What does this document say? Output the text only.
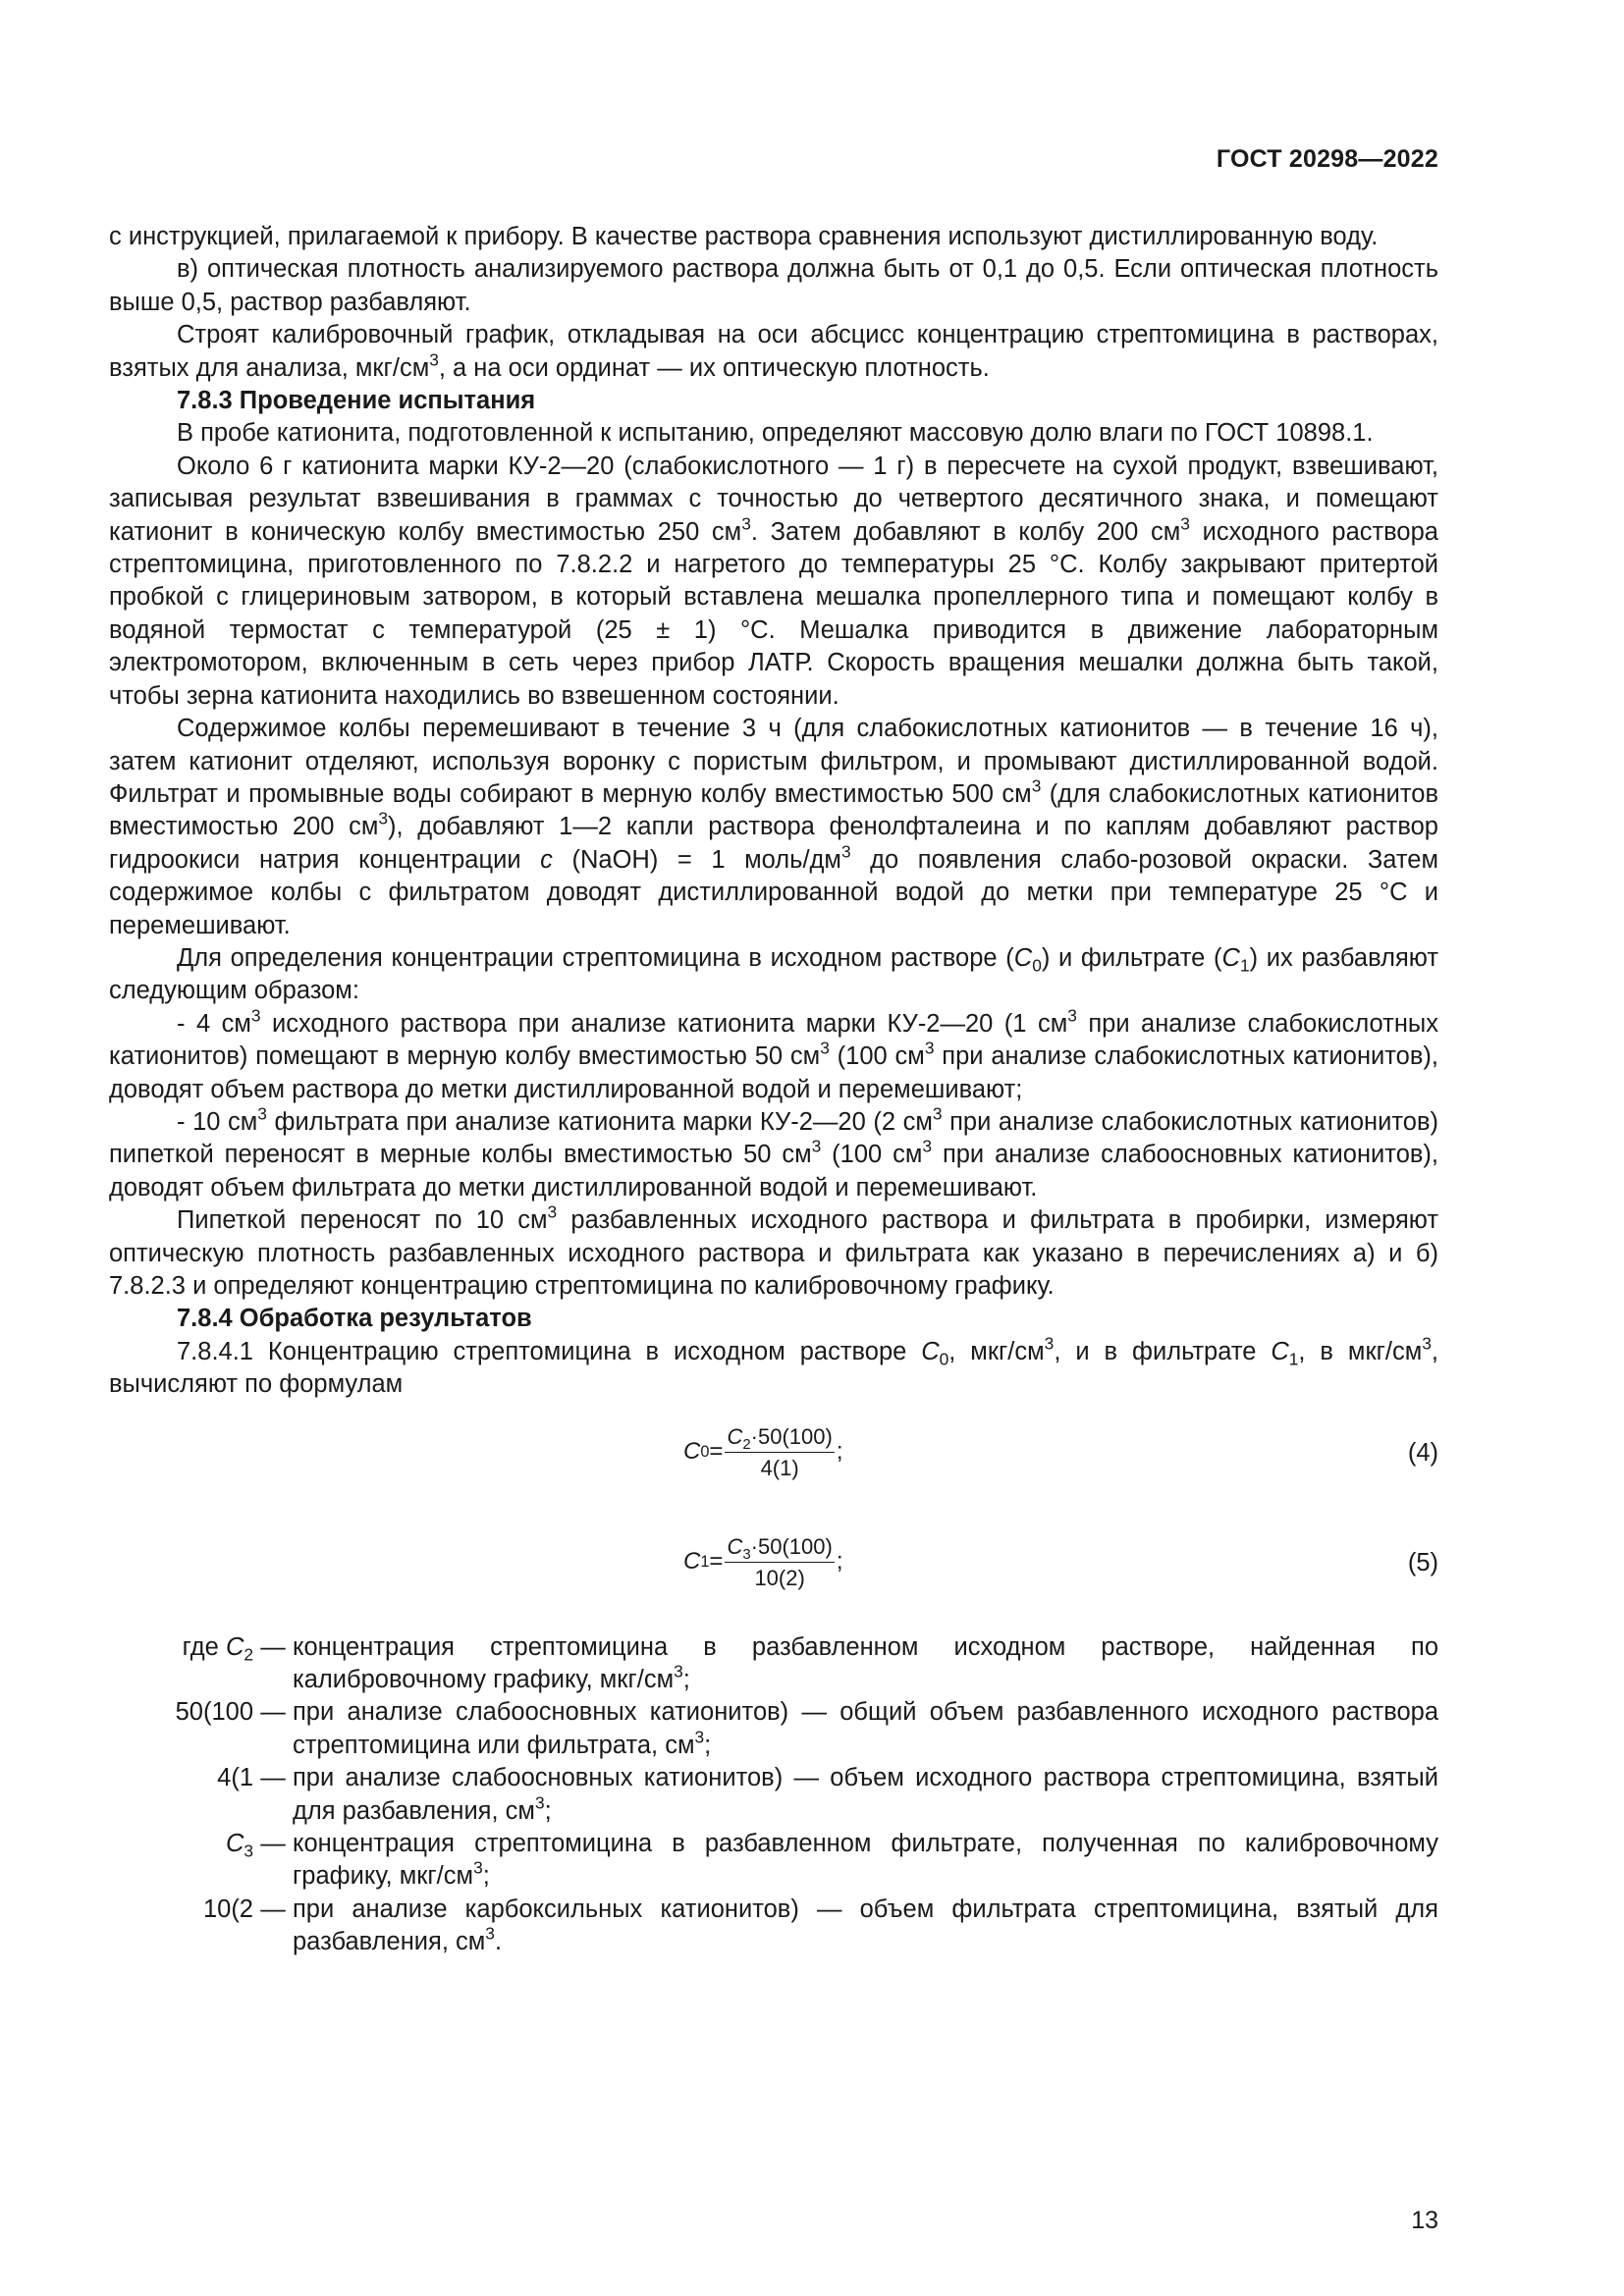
ГОСТ 20298—2022

с инструкцией, прилагаемой к прибору. В качестве раствора сравнения используют дистиллированную воду.

в) оптическая плотность анализируемого раствора должна быть от 0,1 до 0,5. Если оптическая плотность выше 0,5, раствор разбавляют.

Строят калибровочный график, откладывая на оси абсцисс концентрацию стрептомицина в растворах, взятых для анализа, мкг/$см^3$, а на оси ординат — их оптическую плотность.

7.8.3 Проведение испытания

В пробе катионита, подготовленной к испытанию, определяют массовую долю влаги по ГОСТ 10898.1.

Около 6 г катионита марки КУ-2—20 (слабокислотного — 1 г) в пересчете на сухой продукт, взвешивают, записывая результат взвешивания в граммах с точностью до четвертого десятичного знака, и помещают катионит в коническую колбу вместимостью 250 $см^3$. Затем добавляют в колбу 200 $см^3$ исходного раствора стрептомицина, приготовленного по 7.8.2.2 и нагретого до температуры 25 °С. Колбу закрывают притертой пробкой с глицериновым затвором, в который вставлена мешалка пропеллерного типа и помещают колбу в водяной термостат с температурой (25 ± 1) °С. Мешалка приводится в движение лабораторным электромотором, включенным в сеть через прибор ЛАТР. Скорость вращения мешалки должна быть такой, чтобы зерна катионита находились во взвешенном состоянии.

Содержимое колбы перемешивают в течение 3 ч (для слабокислотных катионитов — в течение 16 ч), затем катионит отделяют, используя воронку с пористым фильтром, и промывают дистиллированной водой. Фильтрат и промывные воды собирают в мерную колбу вместимостью 500 $см^3$ (для слабокислотных катионитов вместимостью 200 $см^3$), добавляют 1—2 капли раствора фенолфталеина и по каплям добавляют раствор гидроокиси натрия концентрации c (NaOH) = 1 моль/$дм^3$ до появления слабо-розовой окраски. Затем содержимое колбы с фильтратом доводят дистиллированной водой до метки при температуре 25 °С и перемешивают.

Для определения концентрации стрептомицина в исходном растворе $(C_0)$ и фильтрате $(C_1)$ их разбавляют следующим образом:

- 4 $см^3$ исходного раствора при анализе катионита марки КУ-2—20 (1 $см^3$ при анализе слабокислотных катионитов) помещают в мерную колбу вместимостью 50 $см^3$ (100 $см^3$ при анализе слабокислотных катионитов), доводят объем раствора до метки дистиллированной водой и перемешивают;

- 10 $см^3$ фильтрата при анализе катионита марки КУ-2—20 (2 $см^3$ при анализе слабокислотных катионитов) пипеткой переносят в мерные колбы вместимостью 50 $см^3$ (100 $см^3$ при анализе слабоосновных катионитов), доводят объем фильтрата до метки дистиллированной водой и перемешивают.

Пипеткой переносят по 10 $см^3$ разбавленных исходного раствора и фильтрата в пробирки, измеряют оптическую плотность разбавленных исходного раствора и фильтрата как указано в перечислениях а) и б) 7.8.2.3 и определяют концентрацию стрептомицина по калибровочному графику.

7.8.4 Обработка результатов

7.8.4.1 Концентрацию стрептомицина в исходном растворе $C_0$, мкг/$см^3$, и в фильтрате $C_1$, в мкг/$см^3$, вычисляют по формулам

C $0 = \frac{C_2\cdot 50(100)}{4(1)}$ ;	(4)
C $1 = \frac{C_3\cdot 50(100)}{10(2)}$ ;	(5)
где $C_2$ — концентрация стрептомицина в разбавленном исходном растворе, найденная по калибровочному графику, мкг/$см^3$;
50(100 — при анализе слабоосновных катионитов) — общий объем разбавленного исходного раствора стрептомицина или фильтрата, $см^3$;
4(1 — при анализе слабоосновных катионитов) — объем исходного раствора стрептомицина, взятый для разбавления, $см^3$;
$C_3$ — концентрация стрептомицина в разбавленном фильтрате, полученная по калибровочному графику, мкг/$см^3$;
10(2 — при анализе карбоксильных катионитов) — объем фильтрата стрептомицина, взятый для разбавления, $см^3$.
13
